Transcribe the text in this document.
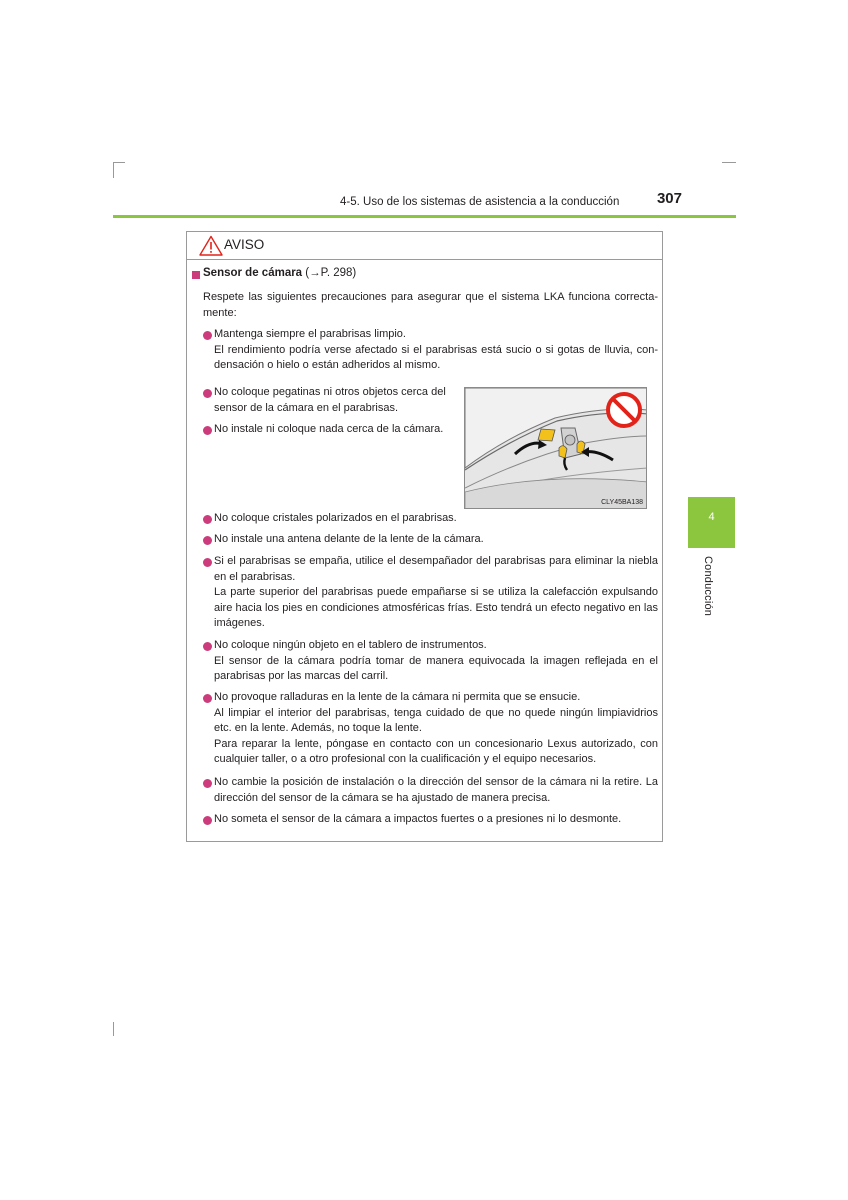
4-5. Uso de los sistemas de asistencia a la conducción	307
4
Conducción
AVISO
Sensor de cámara (→P. 298)
Respete las siguientes precauciones para asegurar que el sistema LKA funciona correcta-mente:
Mantenga siempre el parabrisas limpio.
El rendimiento podría verse afectado si el parabrisas está sucio o si gotas de lluvia, con-densación o hielo o están adheridos al mismo.
No coloque pegatinas ni otros objetos cerca del sensor de la cámara en el parabrisas.
No instale ni coloque nada cerca de la cámara.
CLY45BA138
No coloque cristales polarizados en el parabrisas.
No instale una antena delante de la lente de la cámara.
Si el parabrisas se empaña, utilice el desempañador del parabrisas para eliminar la niebla en el parabrisas.
La parte superior del parabrisas puede empañarse si se utiliza la calefacción expulsando aire hacia los pies en condiciones atmosféricas frías. Esto tendrá un efecto negativo en las imágenes.
No coloque ningún objeto en el tablero de instrumentos.
El sensor de la cámara podría tomar de manera equivocada la imagen reflejada en el parabrisas por las marcas del carril.
No provoque ralladuras en la lente de la cámara ni permita que se ensucie.
Al limpiar el interior del parabrisas, tenga cuidado de que no quede ningún limpiavidrios etc. en la lente. Además, no toque la lente.
Para reparar la lente, póngase en contacto con un concesionario Lexus autorizado, con cualquier taller, o a otro profesional con la cualificación y el equipo necesarios.
No cambie la posición de instalación o la dirección del sensor de la cámara ni la retire. La dirección del sensor de la cámara se ha ajustado de manera precisa.
No someta el sensor de la cámara a impactos fuertes o a presiones ni lo desmonte.
